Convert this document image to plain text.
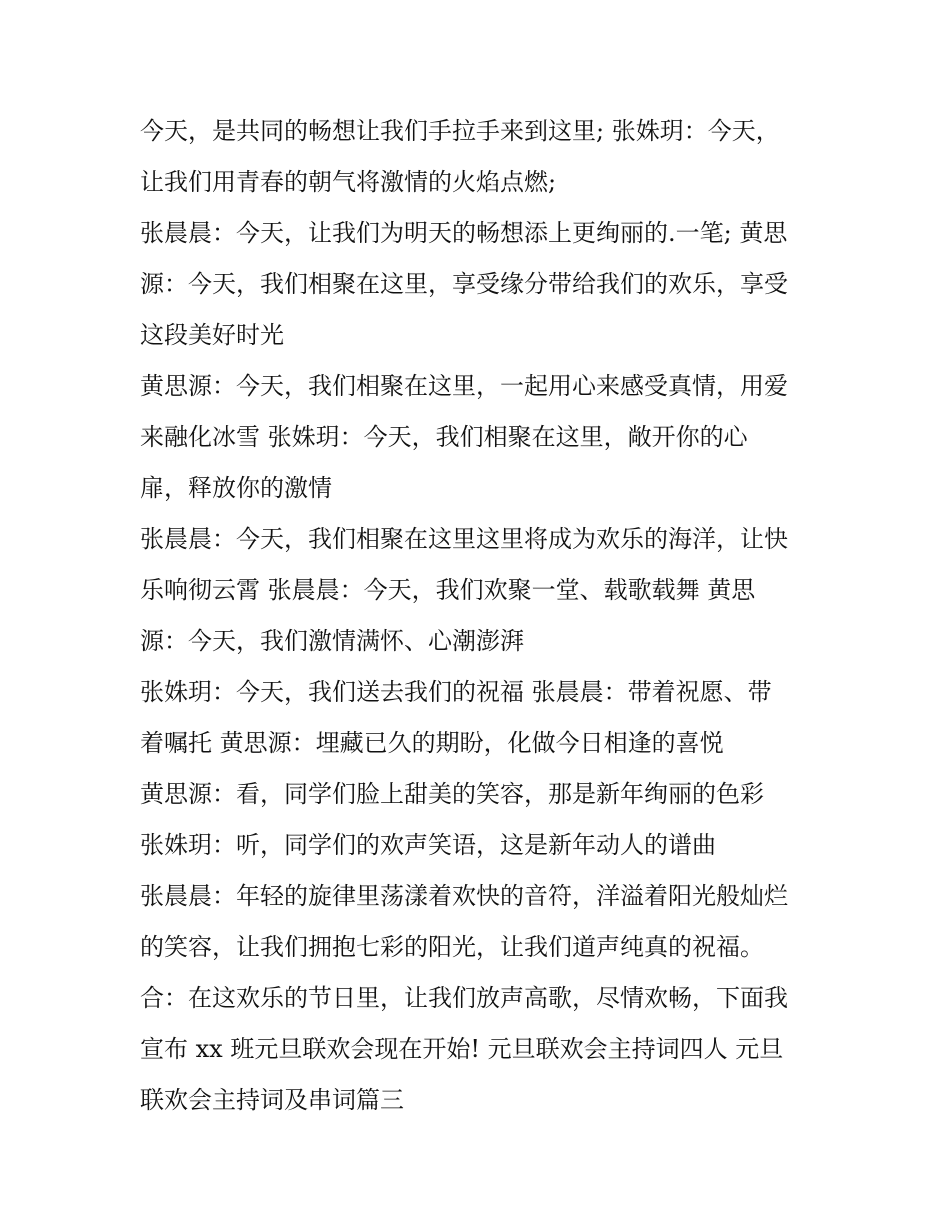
今天，是共同的畅想让我们手拉手来到这里; 张姝玥：今天，
让我们用青春的朝气将激情的火焰点燃;
张晨晨：今天，让我们为明天的畅想添上更绚丽的.一笔; 黄思
源：今天，我们相聚在这里，享受缘分带给我们的欢乐，享受
这段美好时光
黄思源：今天，我们相聚在这里，一起用心来感受真情，用爱
来融化冰雪 张姝玥：今天，我们相聚在这里，敞开你的心
扉，释放你的激情
张晨晨：今天，我们相聚在这里这里将成为欢乐的海洋，让快
乐响彻云霄 张晨晨：今天，我们欢聚一堂、载歌载舞 黄思
源：今天，我们激情满怀、心潮澎湃
张姝玥：今天，我们送去我们的祝福 张晨晨：带着祝愿、带
着嘱托 黄思源：埋藏已久的期盼，化做今日相逢的喜悦
黄思源：看，同学们脸上甜美的笑容，那是新年绚丽的色彩
张姝玥：听，同学们的欢声笑语，这是新年动人的谱曲
张晨晨：年轻的旋律里荡漾着欢快的音符，洋溢着阳光般灿烂
的笑容，让我们拥抱七彩的阳光，让我们道声纯真的祝福。
合：在这欢乐的节日里，让我们放声高歌，尽情欢畅，下面我
宣布 xx 班元旦联欢会现在开始! 元旦联欢会主持词四人 元旦
联欢会主持词及串词篇三
